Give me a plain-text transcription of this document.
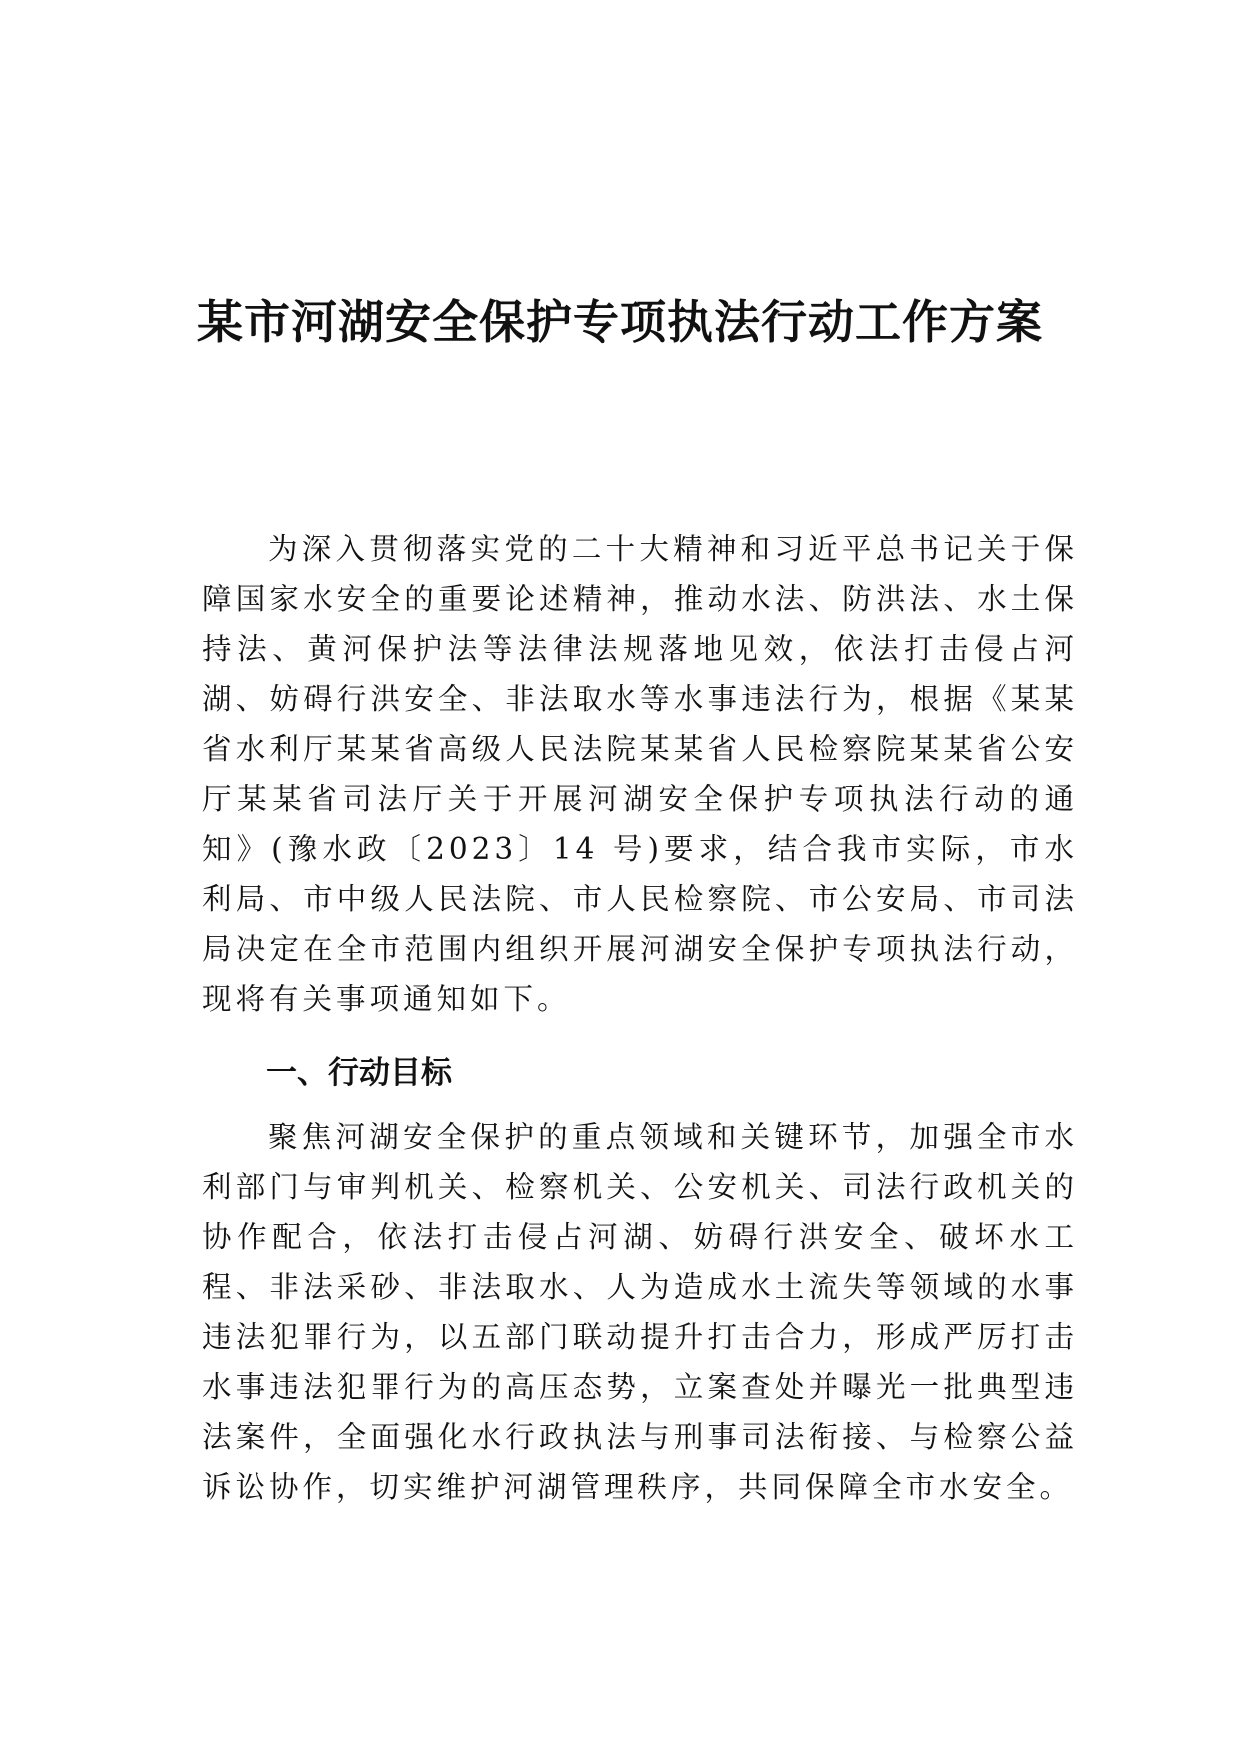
某市河湖安全保护专项执法行动工作方案

为深入贯彻落实党的二十大精神和习近平总书记关于保障国家水安全的重要论述精神，推动水法、防洪法、水土保持法、黄河保护法等法律法规落地见效，依法打击侵占河湖、妨碍行洪安全、非法取水等水事违法行为，根据《某某省水利厅某某省高级人民法院某某省人民检察院某某省公安厅某某省司法厅关于开展河湖安全保护专项执法行动的通知》(豫水政〔2023〕14 号)要求，结合我市实际，市水利局、市中级人民法院、市人民检察院、市公安局、市司法局决定在全市范围内组织开展河湖安全保护专项执法行动，现将有关事项通知如下。

一、行动目标

聚焦河湖安全保护的重点领域和关键环节，加强全市水利部门与审判机关、检察机关、公安机关、司法行政机关的协作配合，依法打击侵占河湖、妨碍行洪安全、破坏水工程、非法采砂、非法取水、人为造成水土流失等领域的水事违法犯罪行为，以五部门联动提升打击合力，形成严厉打击水事违法犯罪行为的高压态势，立案查处并曝光一批典型违法案件，全面强化水行政执法与刑事司法衔接、与检察公益诉讼协作，切实维护河湖管理秩序，共同保障全市水安全。
